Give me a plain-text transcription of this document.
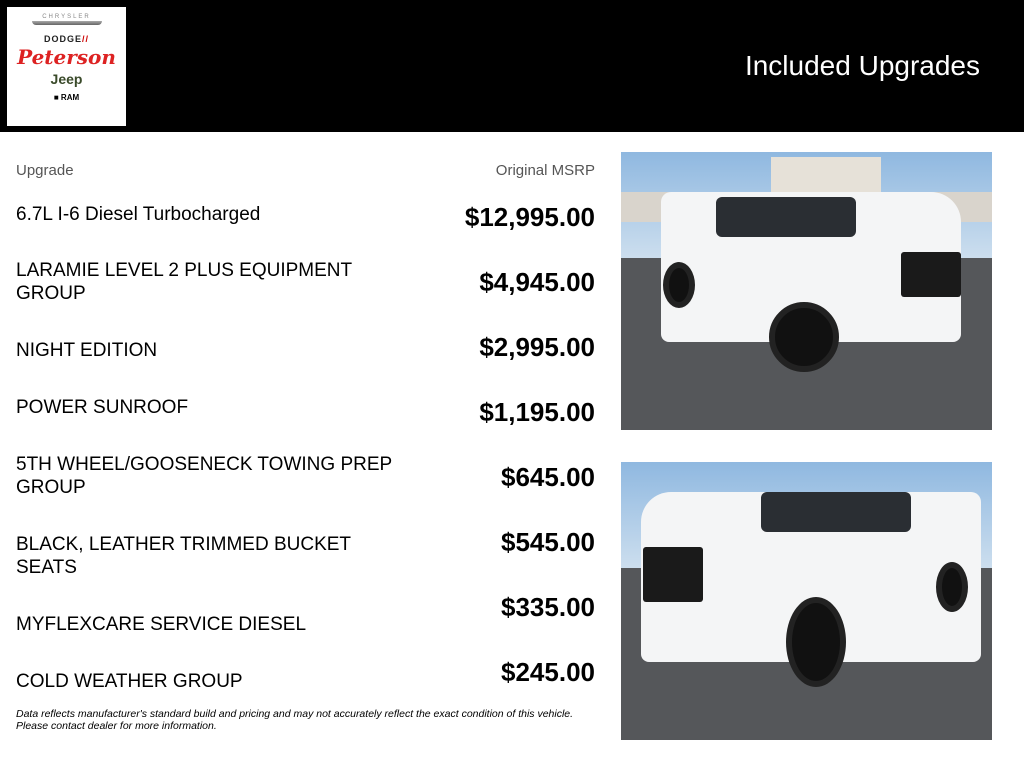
CHRYSLER
DODGE//
Peterson
Jeep
■ RAM
Included Upgrades
Upgrade	Original MSRP
6.7L I-6 Diesel Turbocharged
LARAMIE LEVEL 2 PLUS EQUIPMENT GROUP
NIGHT EDITION
POWER SUNROOF
5TH WHEEL/GOOSENECK TOWING PREP GROUP
BLACK, LEATHER TRIMMED BUCKET SEATS
MYFLEXCARE SERVICE DIESEL
COLD WEATHER GROUP
$12,995.00
$4,945.00
$2,995.00
$1,195.00
$645.00
$545.00
$335.00
$245.00
Data reflects manufacturer's standard build and pricing and may not accurately reflect the exact condition of this vehicle.
Please contact dealer for more information.
